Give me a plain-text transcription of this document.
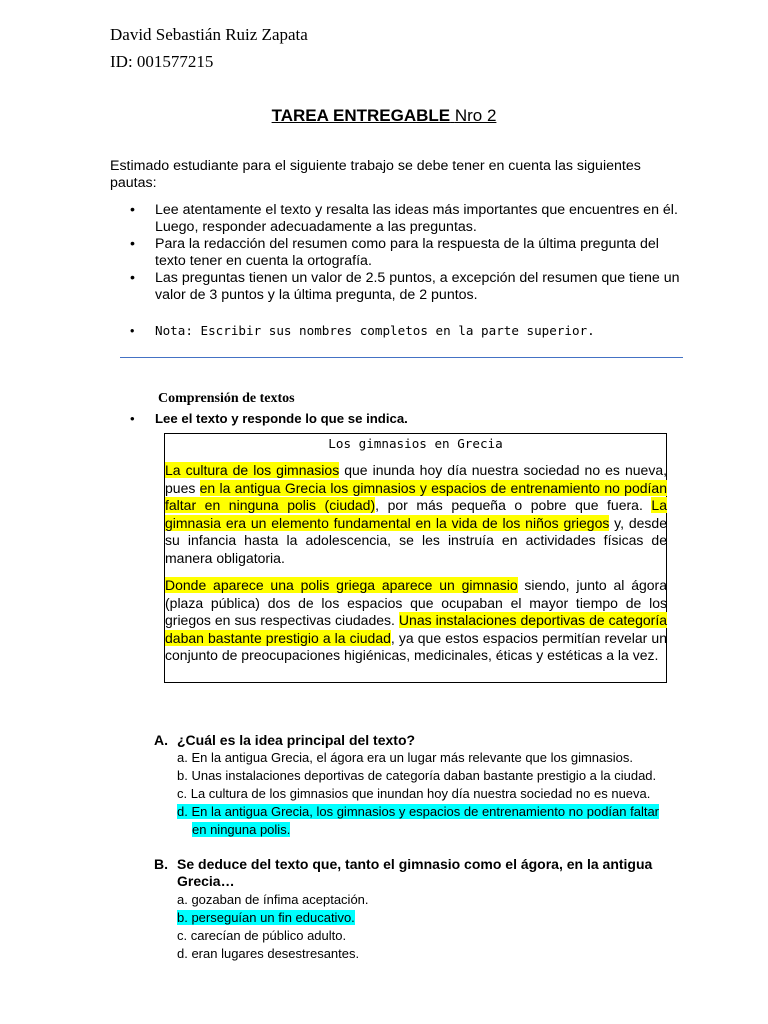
David Sebastián Ruiz Zapata
ID: 001577215
TAREA ENTREGABLE Nro 2
Estimado estudiante para el siguiente trabajo se debe tener en cuenta las siguientes pautas:
• Lee atentamente el texto y resalta las ideas más importantes que encuentres en él. Luego, responder adecuadamente a las preguntas.
• Para la redacción del resumen como para la respuesta de la última pregunta del texto tener en cuenta la ortografía.
• Las preguntas tienen un valor de 2.5 puntos, a excepción del resumen que tiene un valor de 3 puntos y la última pregunta, de 2 puntos.
• Nota: Escribir sus nombres completos en la parte superior.
Comprensión de textos
• Lee el texto y responde lo que se indica.
Los gimnasios en Grecia
La cultura de los gimnasios que inunda hoy día nuestra sociedad no es nueva, pues en la antigua Grecia los gimnasios y espacios de entrenamiento no podían faltar en ninguna polis (ciudad), por más pequeña o pobre que fuera. La gimnasia era un elemento fundamental en la vida de los niños griegos y, desde su infancia hasta la adolescencia, se les instruía en actividades físicas de manera obligatoria.
Donde aparece una polis griega aparece un gimnasio siendo, junto al ágora (plaza pública) dos de los espacios que ocupaban el mayor tiempo de los griegos en sus respectivas ciudades. Unas instalaciones deportivas de categoría daban bastante prestigio a la ciudad, ya que estos espacios permitían revelar un conjunto de preocupaciones higiénicas, medicinales, éticas y estéticas a la vez.
A. ¿Cuál es la idea principal del texto?
a. En la antigua Grecia, el ágora era un lugar más relevante que los gimnasios.
b. Unas instalaciones deportivas de categoría daban bastante prestigio a la ciudad.
c. La cultura de los gimnasios que inundan hoy día nuestra sociedad no es nueva.
d. En la antigua Grecia, los gimnasios y espacios de entrenamiento no podían faltar en ninguna polis.
B. Se deduce del texto que, tanto el gimnasio como el ágora, en la antigua Grecia…
a. gozaban de ínfima aceptación.
b. perseguían un fin educativo.
c. carecían de público adulto.
d. eran lugares desestresantes.
